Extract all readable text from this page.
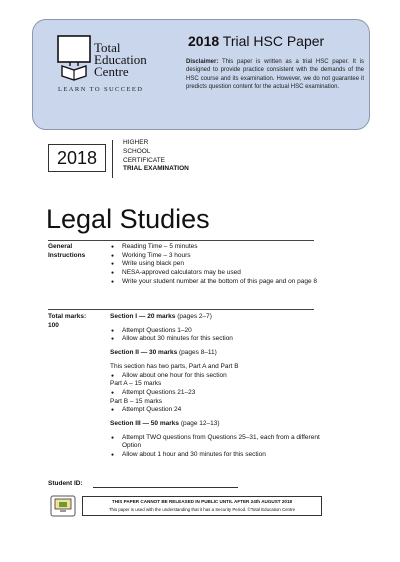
Total
Education
Centre
LEARN TO SUCCEED
2018 Trial HSC Paper
Disclaimer: This paper is written as a trial HSC paper. It is designed to provide practice consistent with the demands of the HSC course and its examination. However, we do not guarantee it predicts question content for the actual HSC examination.
2018
HIGHER
SCHOOL
CERTIFICATE
TRIAL EXAMINATION
Legal Studies
General Instructions
● Reading Time – 5 minutes
● Working Time – 3 hours
● Write using black pen
● NESA-approved calculators may be used
● Write your student number at the bottom of this page and on page 8
Total marks:
100
Section I — 20 marks (pages 2–7)
● Attempt Questions 1–20
● Allow about 30 minutes for this section
Section II — 30 marks (pages 8–11)
This section has two parts, Part A and Part B
● Allow about one hour for this section
Part A – 15 marks
● Attempt Questions 21–23
Part B – 15 marks
● Attempt Question 24
Section III — 50 marks (page 12–13)
● Attempt TWO questions from Questions 25–31, each from a different Option
● Allow about 1 hour and 30 minutes for this section
Student ID:
THIS PAPER CANNOT BE RELEASED IN PUBLIC UNTIL AFTER 24th AUGUST 2018
This paper is used with the understanding that it has a Security Period. ©Total Education Centre
